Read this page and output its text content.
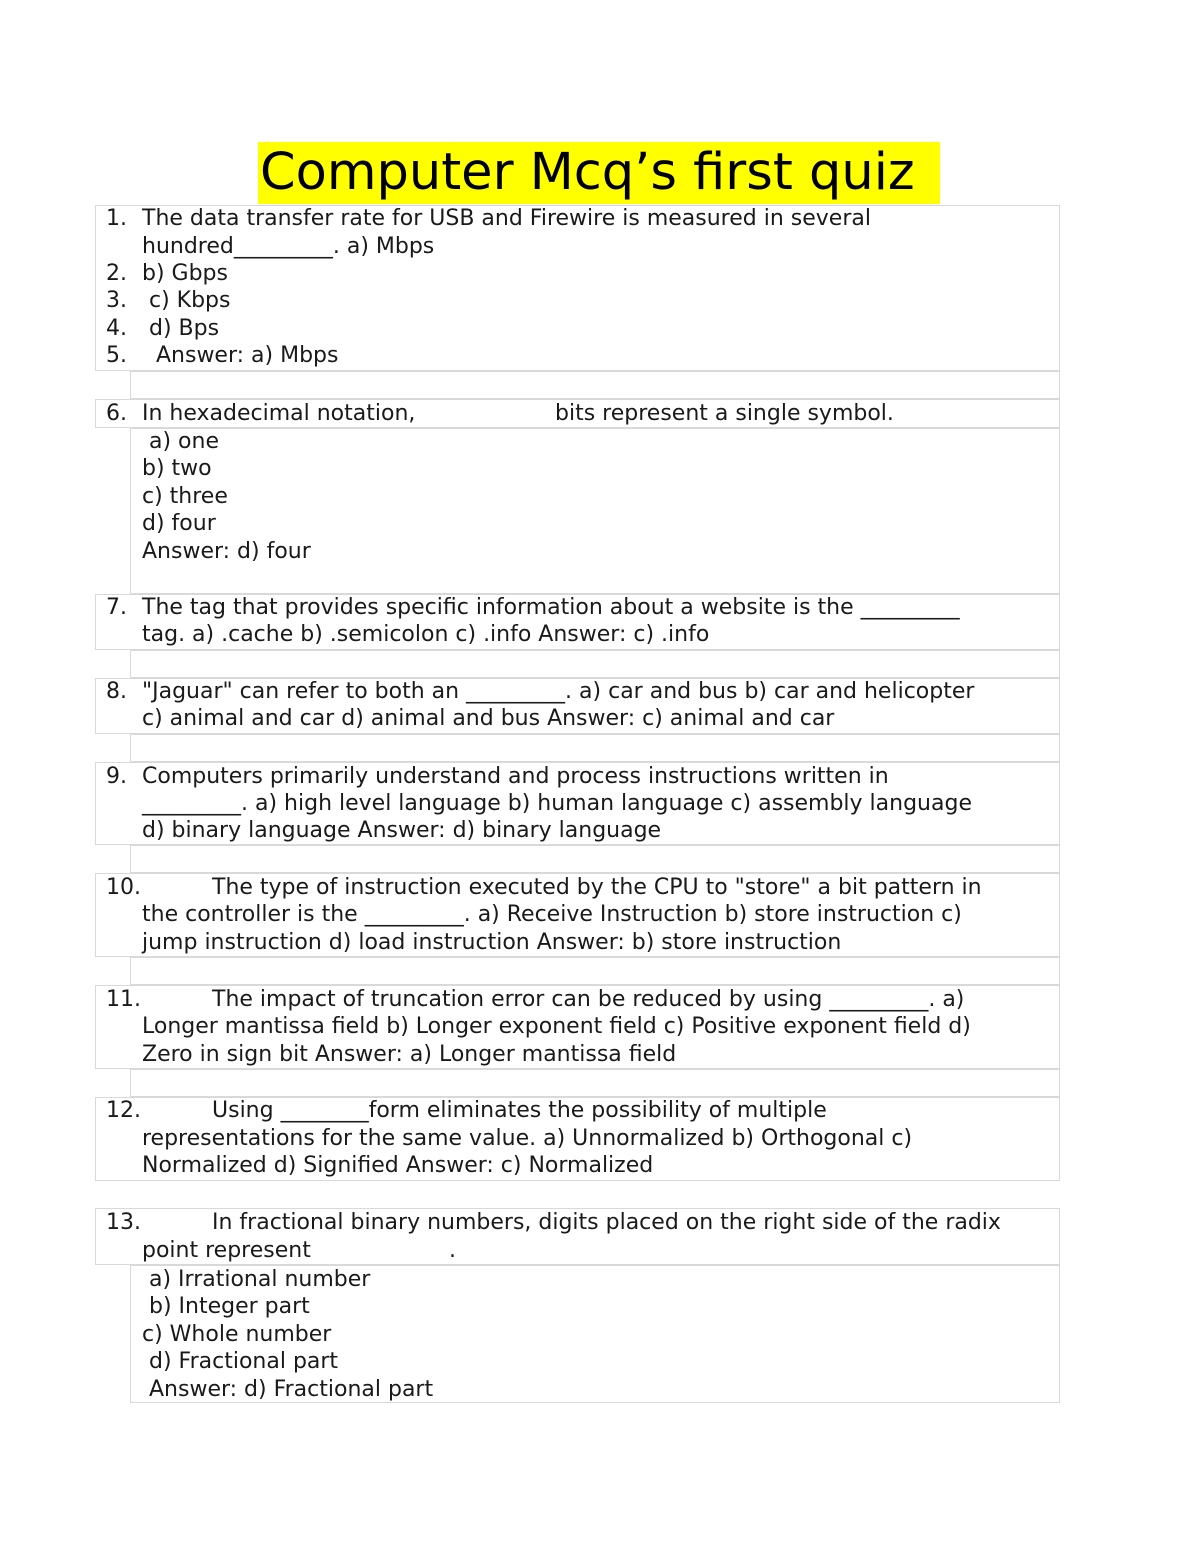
Computer Mcq’s first quiz
1. The data transfer rate for USB and Firewire is measured in several
hundred_________. a) Mbps
2. b) Gbps
3. c) Kbps
4. d) Bps
5. Answer: a) Mbps
6. In hexadecimal notation,	bits represent a single symbol.
a) one
b) two
c) three
d) four
Answer: d) four
7. The tag that provides specific information about a website is the _________
tag. a) .cache b) .semicolon c) .info Answer: c) .info
8. "Jaguar" can refer to both an _________. a) car and bus b) car and helicopter
c) animal and car d) animal and bus Answer: c) animal and car
9. Computers primarily understand and process instructions written in
_________. a) high level language b) human language c) assembly language
d) binary language Answer: d) binary language
10.	The type of instruction executed by the CPU to "store" a bit pattern in
the controller is the _________. a) Receive Instruction b) store instruction c)
jump instruction d) load instruction Answer: b) store instruction
11.	The impact of truncation error can be reduced by using _________. a)
Longer mantissa field b) Longer exponent field c) Positive exponent field d)
Zero in sign bit Answer: a) Longer mantissa field
12.	Using ________form eliminates the possibility of multiple
representations for the same value. a) Unnormalized b) Orthogonal c)
Normalized d) Signified Answer: c) Normalized
13.	In fractional binary numbers, digits placed on the right side of the radix
point represent	.
a) Irrational number
b) Integer part
c) Whole number
d) Fractional part
Answer: d) Fractional part
